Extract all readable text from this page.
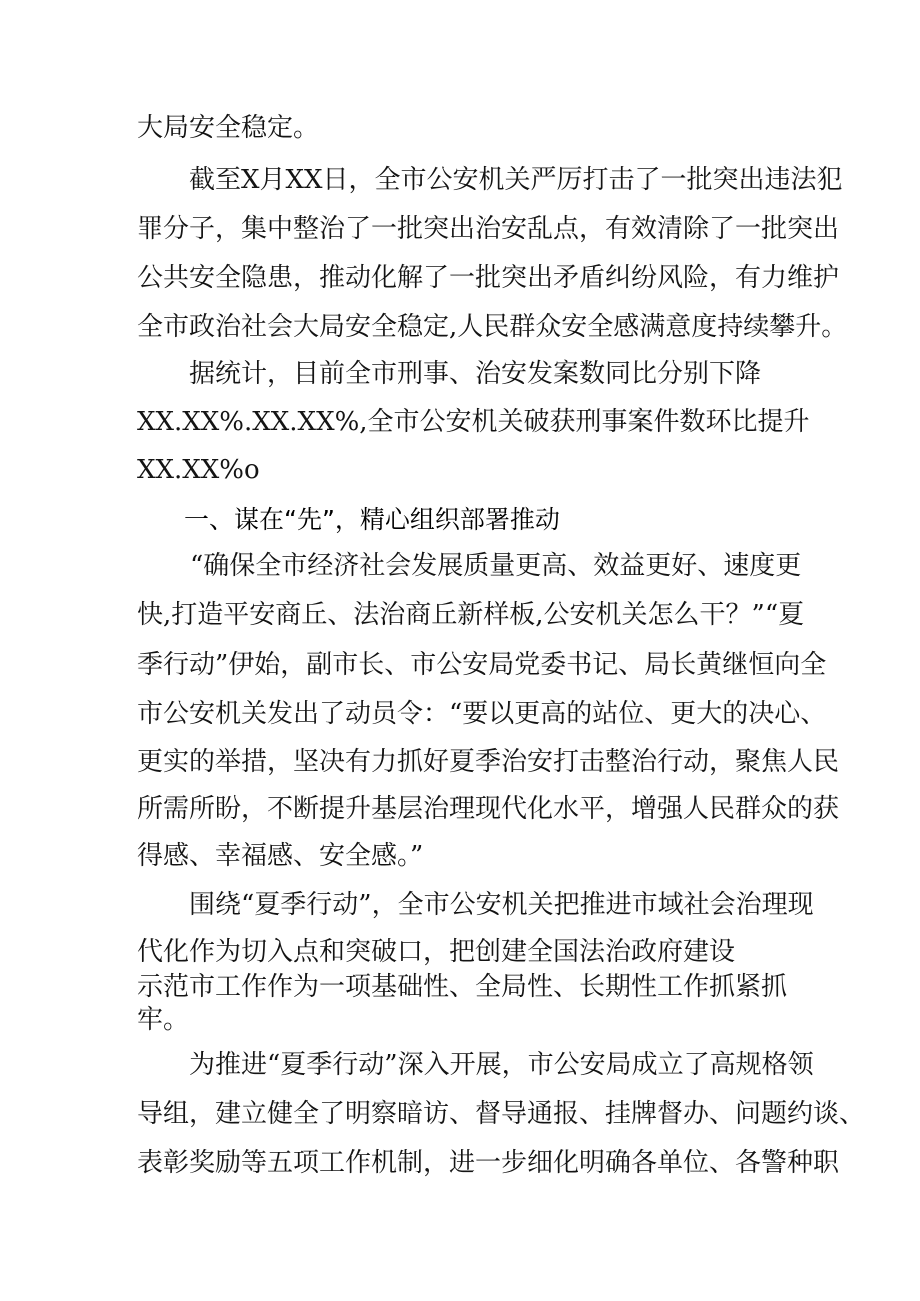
大局安全稳定。
截至X月XX日，全市公安机关严厉打击了一批突出违法犯
罪分子，集中整治了一批突出治安乱点，有效清除了一批突出
公共安全隐患，推动化解了一批突出矛盾纠纷风险，有力维护
全市政治社会大局安全稳定,人民群众安全感满意度持续攀升。
据统计，目前全市刑事、治安发案数同比分别下降
XX.XX%.XX.XX%,全市公安机关破获刑事案件数环比提升
XX.XX%o
一、谋在“先”，精心组织部署推动
“确保全市经济社会发展质量更高、效益更好、速度更
快,打造平安商丘、法治商丘新样板,公安机关怎么干？”“夏
季行动”伊始，副市长、市公安局党委书记、局长黄继恒向全
市公安机关发出了动员令：“要以更高的站位、更大的决心、
更实的举措，坚决有力抓好夏季治安打击整治行动，聚焦人民
所需所盼，不断提升基层治理现代化水平，增强人民群众的获
得感、幸福感、安全感。”
围绕“夏季行动”，全市公安机关把推进市域社会治理现
代化作为切入点和突破口，把创建全国法治政府建设
示范市工作作为一项基础性、全局性、长期性工作抓紧抓
牢。
为推进“夏季行动”深入开展，市公安局成立了高规格领
导组，建立健全了明察暗访、督导通报、挂牌督办、问题约谈、
表彰奖励等五项工作机制，进一步细化明确各单位、各警种职
